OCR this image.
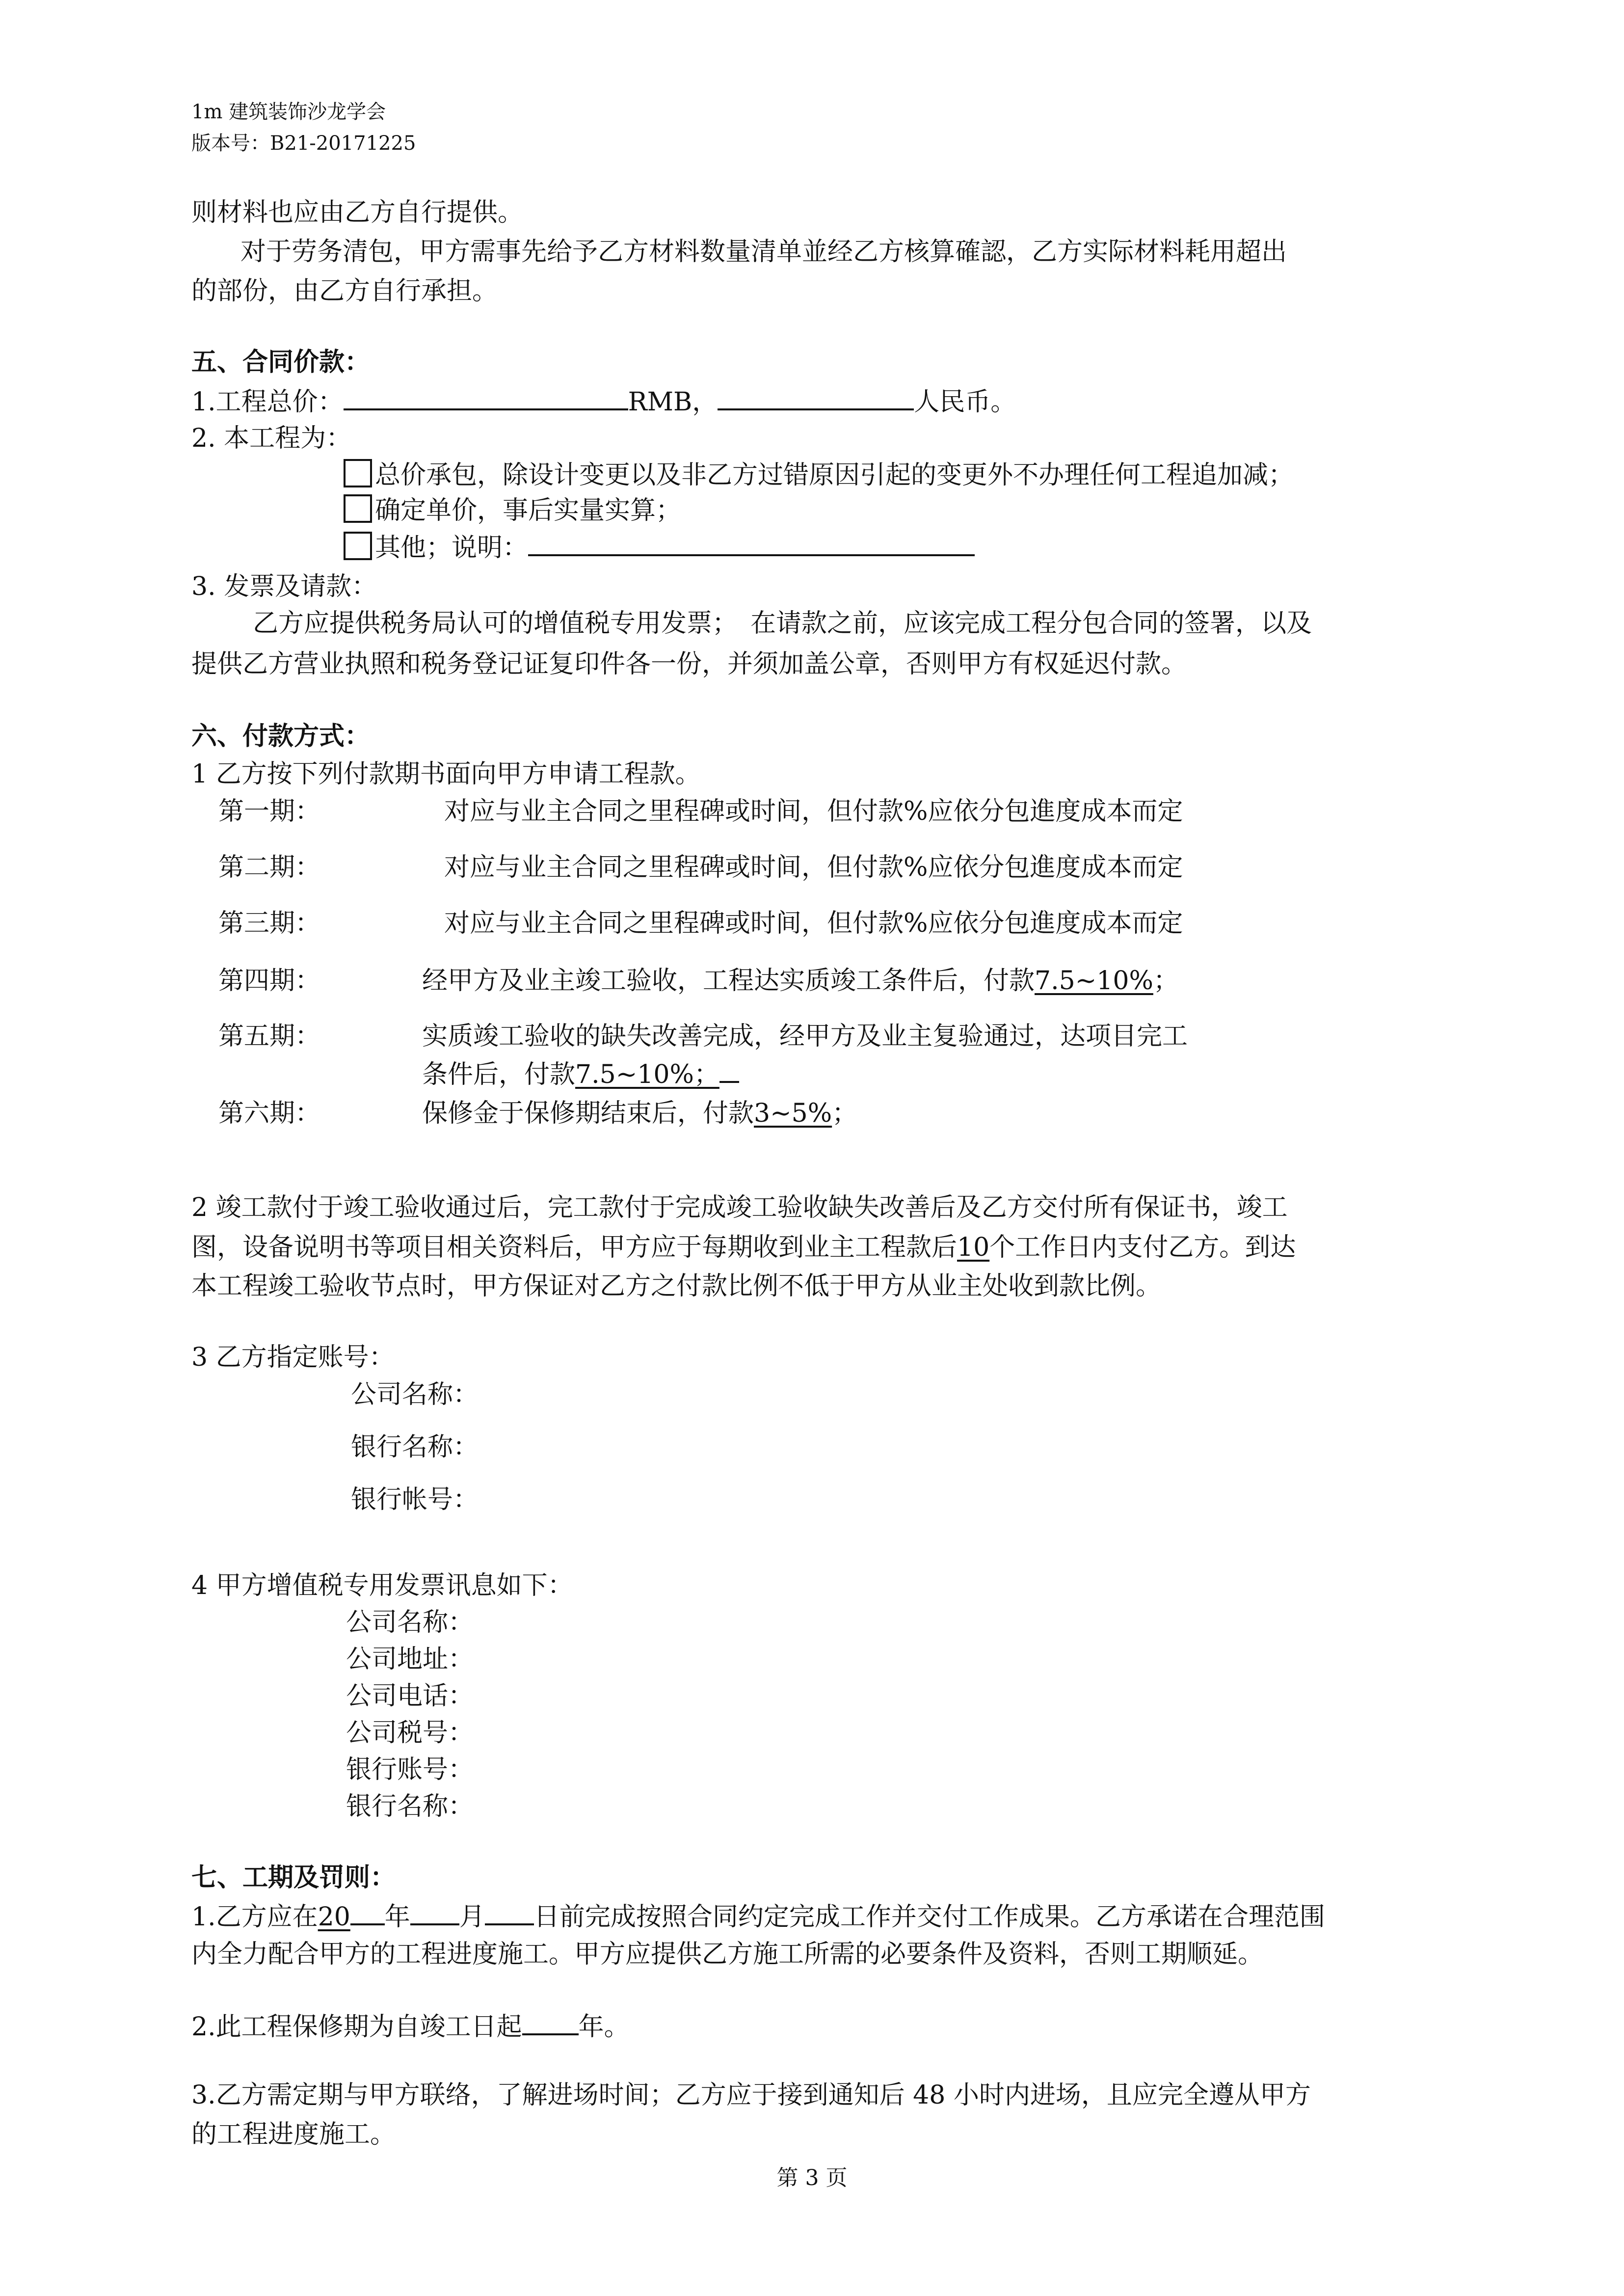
1m 建筑装饰沙龙学会
版本号：B21-20171225
则材料也应由乙方自行提供。
对于劳务清包，甲方需事先给予乙方材料数量清单並经乙方核算確認，乙方实际材料耗用超出
的部份，由乙方自行承担。
五、合同价款：
1.工程总价：	RMB，	人民币。
2. 本工程为：
总价承包，除设计变更以及非乙方过错原因引起的变更外不办理任何工程追加减；
确定单价，事后实量实算；
其他；说明：
3. 发票及请款：
乙方应提供税务局认可的增值税专用发票；　在请款之前，应该完成工程分包合同的签署，以及
提供乙方营业执照和税务登记证复印件各一份，并须加盖公章，否则甲方有权延迟付款。
六、付款方式：
1 乙方按下列付款期书面向甲方申请工程款。
第一期：	对应与业主合同之里程碑或时间，但付款%应依分包進度成本而定
第二期：	对应与业主合同之里程碑或时间，但付款%应依分包進度成本而定
第三期：	对应与业主合同之里程碑或时间，但付款%应依分包進度成本而定
第四期：	经甲方及业主竣工验收，工程达实质竣工条件后，付款7.5~10%；
第五期：	实质竣工验收的缺失改善完成，经甲方及业主复验通过，达项目完工
条件后，付款7.5~10%；
第六期：	保修金于保修期结束后，付款3~5%；
2 竣工款付于竣工验收通过后，完工款付于完成竣工验收缺失改善后及乙方交付所有保证书，竣工
图，设备说明书等项目相关资料后，甲方应于每期收到业主工程款后10个工作日内支付乙方。到达
本工程竣工验收节点时，甲方保证对乙方之付款比例不低于甲方从业主处收到款比例。
3 乙方指定账号：
公司名称：
银行名称：
银行帐号：
4 甲方增值税专用发票讯息如下：
公司名称：
公司地址：
公司电话：
公司税号：
银行账号：
银行名称：
七、工期及罚则：
1.乙方应在20 年 月 日前完成按照合同约定完成工作并交付工作成果。乙方承诺在合理范围
内全力配合甲方的工程进度施工。甲方应提供乙方施工所需的必要条件及资料，否则工期顺延。
2.此工程保修期为自竣工日起 年。
3.乙方需定期与甲方联络，了解进场时间；乙方应于接到通知后 48 小时内进场，且应完全遵从甲方
的工程进度施工。
第 3 页
